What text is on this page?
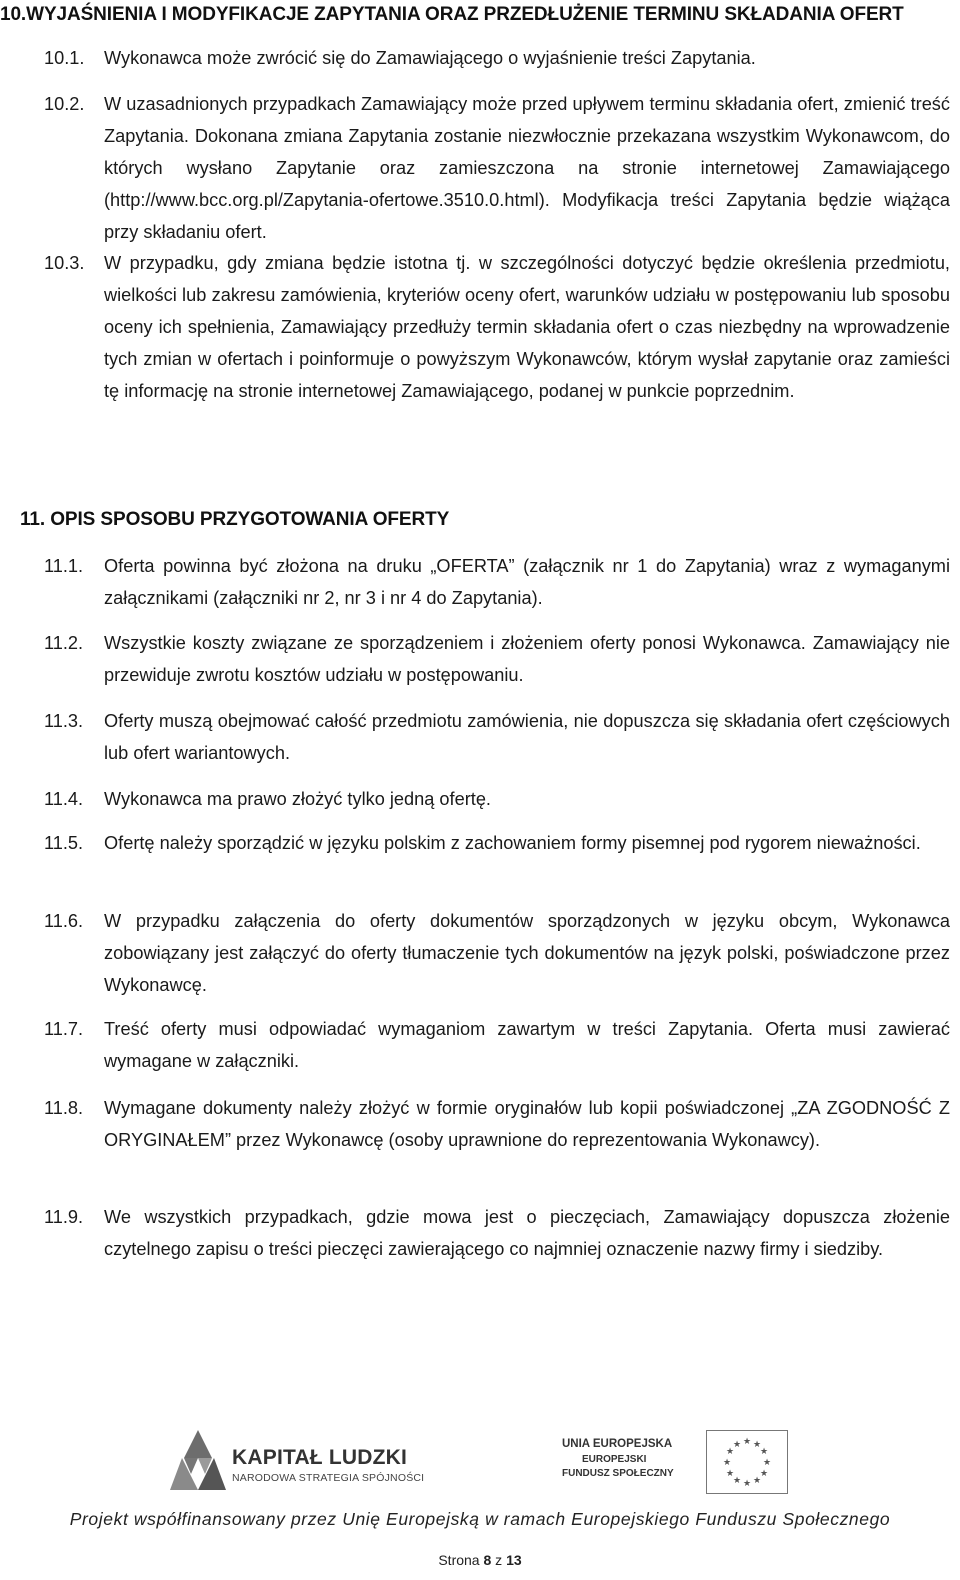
10.WYJAŚNIENIA I MODYFIKACJE ZAPYTANIA ORAZ PRZEDŁUŻENIE TERMINU SKŁADANIA OFERT
10.1.	Wykonawca może zwrócić się do Zamawiającego o wyjaśnienie treści Zapytania.
10.2.	W uzasadnionych przypadkach Zamawiający może przed upływem terminu składania ofert, zmienić treść Zapytania. Dokonana zmiana Zapytania zostanie niezwłocznie przekazana wszystkim Wykonawcom, do których wysłano Zapytanie oraz zamieszczona na stronie internetowej Zamawiającego (http://www.bcc.org.pl/Zapytania-ofertowe.3510.0.html). Modyfikacja treści Zapytania będzie wiążąca przy składaniu ofert.
10.3.	W przypadku, gdy zmiana będzie istotna tj. w szczególności dotyczyć będzie określenia przedmiotu, wielkości lub zakresu zamówienia, kryteriów oceny ofert, warunków udziału w postępowaniu lub sposobu oceny ich spełnienia, Zamawiający przedłuży termin składania ofert o czas niezbędny na wprowadzenie tych zmian w ofertach i poinformuje o powyższym Wykonawców, którym wysłał zapytanie oraz zamieści tę informację na stronie internetowej Zamawiającego, podanej w punkcie poprzednim.
11. OPIS SPOSOBU PRZYGOTOWANIA OFERTY
11.1.	Oferta powinna być złożona na druku „OFERTA” (załącznik nr 1 do Zapytania) wraz z wymaganymi załącznikami (załączniki nr 2, nr 3 i nr 4 do Zapytania).
11.2.	Wszystkie koszty związane ze sporządzeniem i złożeniem oferty ponosi Wykonawca. Zamawiający nie przewiduje zwrotu kosztów udziału w postępowaniu.
11.3.	Oferty muszą obejmować całość przedmiotu zamówienia, nie dopuszcza się składania ofert częściowych lub ofert wariantowych.
11.4.	Wykonawca ma prawo złożyć tylko jedną ofertę.
11.5.	Ofertę należy sporządzić w języku polskim z zachowaniem formy pisemnej pod rygorem nieważności.
11.6.	W przypadku załączenia do oferty dokumentów sporządzonych w języku obcym, Wykonawca zobowiązany jest załączyć do oferty tłumaczenie tych dokumentów na język polski, poświadczone przez Wykonawcę.
11.7.	Treść oferty musi odpowiadać wymaganiom zawartym w treści Zapytania. Oferta musi zawierać wymagane w załączniki.
11.8.	Wymagane dokumenty należy złożyć w formie oryginałów lub kopii poświadczonej „ZA ZGODNOŚĆ Z ORYGINAŁEM” przez Wykonawcę (osoby uprawnione do reprezentowania Wykonawcy).
11.9.	We wszystkich przypadkach, gdzie mowa jest o pieczęciach, Zamawiający dopuszcza złożenie czytelnego zapisu o treści pieczęci zawierającego co najmniej oznaczenie nazwy firmy i siedziby.
KAPITAŁ LUDZKI
NARODOWA STRATEGIA SPÓJNOŚCI
UNIA EUROPEJSKA
EUROPEJSKI
FUNDUSZ SPOŁECZNY
★ ★
★
★
★
★
★
★
★
★
★
★
Projekt współfinansowany przez Unię Europejską w ramach Europejskiego Funduszu Społecznego
Strona 8 z 13
